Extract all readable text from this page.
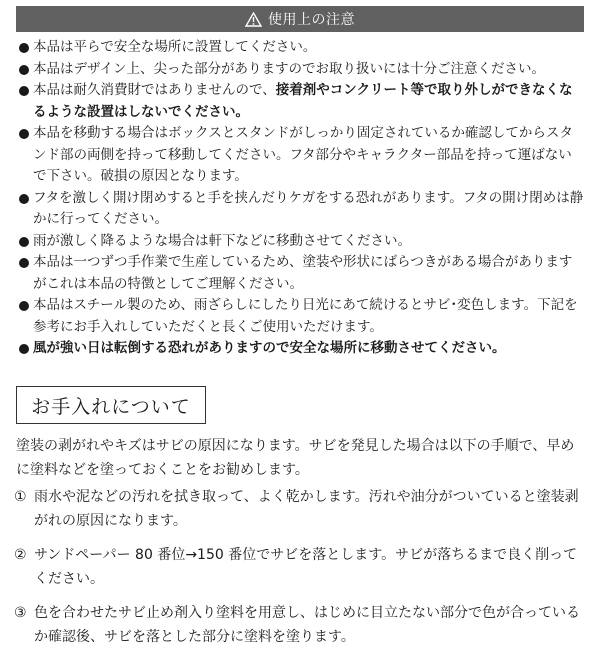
使用上の注意
本品は平らで安全な場所に設置してください。
本品はデザイン上、尖った部分がありますのでお取り扱いには十分ご注意ください。
本品は耐久消費財ではありませんので、接着剤やコンクリート等で取り外しができなくなるような設置はしないでください。
本品を移動する場合はボックスとスタンドがしっかり固定されているか確認してからスタンド部の両側を持って移動してください。フタ部分やキャラクター部品を持って運ばないで下さい。破損の原因となります。
フタを激しく開け閉めすると手を挟んだりケガをする恐れがあります。フタの開け閉めは静かに行ってください。
雨が激しく降るような場合は軒下などに移動させてください。
本品は一つずつ手作業で生産しているため、塗装や形状にばらつきがある場合がありますがこれは本品の特徴としてご理解ください。
本品はスチール製のため、雨ざらしにしたり日光にあて続けるとサビ･変色します。下記を参考にお手入れしていただくと長くご使用いただけます。
風が強い日は転倒する恐れがありますので安全な場所に移動させてください。
お手入れについて

塗装の剥がれやキズはサビの原因になります。サビを発見した場合は以下の手順で、早めに塗料などを塗っておくことをお勧めします。

① 雨水や泥などの汚れを拭き取って、よく乾かします。汚れや油分がついていると塗装剥がれの原因になります。
② サンドペーパー 80 番位→150 番位でサビを落とします。サビが落ちるまで良く削ってください。
③ 色を合わせたサビ止め剤入り塗料を用意し、はじめに目立たない部分で色が合っているか確認後、サビを落とした部分に塗料を塗ります。
